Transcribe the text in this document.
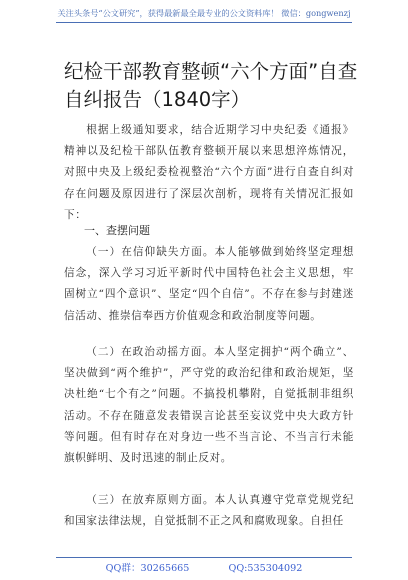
关注头条号“公文研究”，获得最新最全最专业的公文资料库！ 微信：gongwenzj
纪检干部教育整顿“六个方面”自查自纠报告（1840字）
根据上级通知要求，结合近期学习中央纪委《通报》精神以及纪检干部队伍教育整顿开展以来思想淬炼情况，对照中央及上级纪委检视整治“六个方面”进行自查自纠对存在问题及原因进行了深层次剖析，现将有关情况汇报如下：
一、查摆问题
（一）在信仰缺失方面。本人能够做到始终坚定理想信念，深入学习习近平新时代中国特色社会主义思想，牢固树立“四个意识”、坚定“四个自信”。不存在参与封建迷信活动、推崇信奉西方价值观念和政治制度等问题。
（二）在政治动摇方面。本人坚定拥护“两个确立”、坚决做到“两个维护”，严守党的政治纪律和政治规矩，坚决杜绝“七个有之”问题。不搞投机攀附，自觉抵制非组织活动。不存在随意发表错误言论甚至妄议党中央大政方针等问题。但有时存在对身边一些不当言论、不当言行未能旗帜鲜明、及时迅速的制止反对。
（三）在放弃原则方面。本人认真遵守党章党规党纪和国家法律法规，自觉抵制不正之风和腐败现象。自担任
QQ群：30265665	QQ:535304092
